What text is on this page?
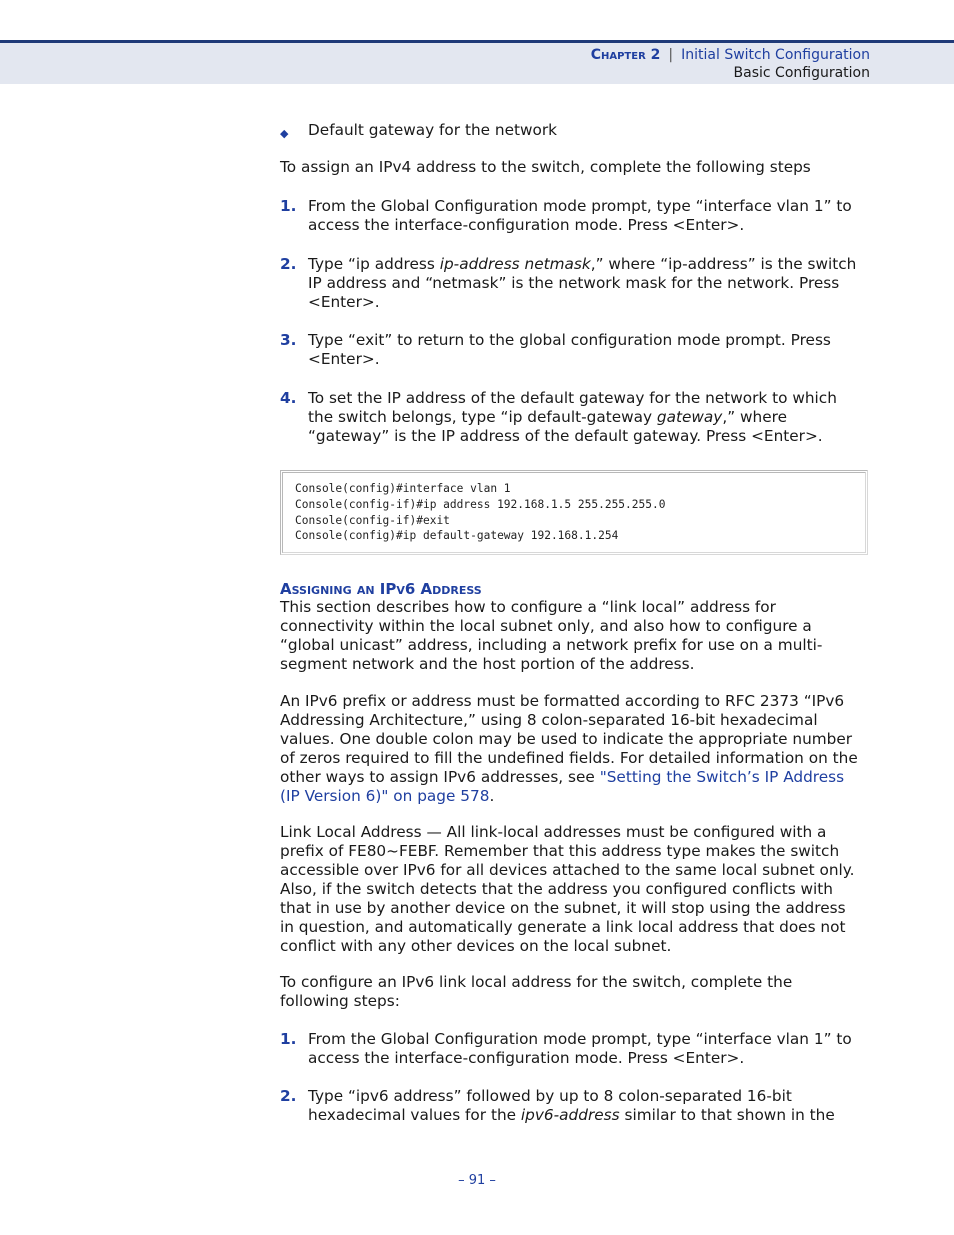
Chapter 2 | Initial Switch Configuration
Basic Configuration
◆ Default gateway for the network
To assign an IPv4 address to the switch, complete the following steps
1. From the Global Configuration mode prompt, type “interface vlan 1” to
access the interface-configuration mode. Press <Enter>.
2. Type “ip address ip-address netmask,” where “ip-address” is the switch
IP address and “netmask” is the network mask for the network. Press
<Enter>.
3. Type “exit” to return to the global configuration mode prompt. Press
<Enter>.
4. To set the IP address of the default gateway for the network to which
the switch belongs, type “ip default-gateway gateway,” where
“gateway” is the IP address of the default gateway. Press <Enter>.
This section describes how to configure a “link local” address for
connectivity within the local subnet only, and also how to configure a
“global unicast” address, including a network prefix for use on a multi-
segment network and the host portion of the address.
An IPv6 prefix or address must be formatted according to RFC 2373 “IPv6
Addressing Architecture,” using 8 colon-separated 16-bit hexadecimal
values. One double colon may be used to indicate the appropriate number
of zeros required to fill the undefined fields. For detailed information on the
other ways to assign IPv6 addresses, see "Setting the Switch’s IP Address
(IP Version 6)" on page 578.
Link Local Address — All link-local addresses must be configured with a
prefix of FE80~FEBF. Remember that this address type makes the switch
accessible over IPv6 for all devices attached to the same local subnet only.
Also, if the switch detects that the address you configured conflicts with
that in use by another device on the subnet, it will stop using the address
in question, and automatically generate a link local address that does not
conflict with any other devices on the local subnet.
To configure an IPv6 link local address for the switch, complete the
following steps:
1. From the Global Configuration mode prompt, type “interface vlan 1” to
access the interface-configuration mode. Press <Enter>.
2. Type “ipv6 address” followed by up to 8 colon-separated 16-bit
hexadecimal values for the ipv6-address similar to that shown in the
Console(config)#interface vlan 1
Console(config-if)#ip address 192.168.1.5 255.255.255.0
Console(config-if)#exit
Console(config)#ip default-gateway 192.168.1.254
Assigning an IPv6 Address
– 91 –
